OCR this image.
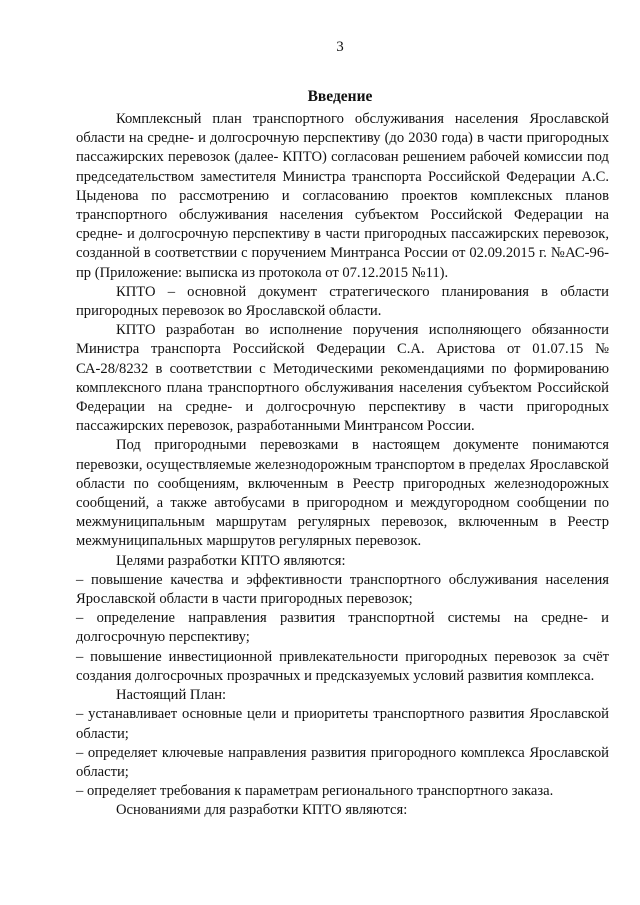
3
Введение

Комплексный план транспортного обслуживания населения Ярославской области на средне- и долгосрочную перспективу (до 2030 года) в части пригородных пассажирских перевозок (далее- КПТО) согласован решением рабочей комиссии под председательством заместителя Министра транспорта Российской Федерации А.С. Цыденова по рассмотрению и согласованию проектов комплексных планов транспортного обслуживания населения субъектом Российской Федерации на средне- и долгосрочную перспективу в части пригородных пассажирских перевозок, созданной в соответствии с поручением Минтранса России от 02.09.2015 г. №АС-96-пр (Приложение: выписка из протокола от 07.12.2015 №11).

КПТО – основной документ стратегического планирования в области пригородных перевозок во Ярославской области.

КПТО разработан во исполнение поручения исполняющего обязанности Министра транспорта Российской Федерации С.А. Аристова от 01.07.15 № СА-28/8232 в соответствии с Методическими рекомендациями по формированию комплексного плана транспортного обслуживания населения субъектом Российской Федерации на средне- и долгосрочную перспективу в части пригородных пассажирских перевозок, разработанными Минтрансом России.

Под пригородными перевозками в настоящем документе понимаются перевозки, осуществляемые железнодорожным транспортом в пределах Ярославской области по сообщениям, включенным в Реестр пригородных железнодорожных сообщений, а также автобусами в пригородном и междугородном сообщении по межмуниципальным маршрутам регулярных перевозок, включенным в Реестр межмуниципальных маршрутов регулярных перевозок.

Целями разработки КПТО являются:

– повышение качества и эффективности транспортного обслуживания населения Ярославской области в части пригородных перевозок;

– определение направления развития транспортной системы на средне- и долгосрочную перспективу;

– повышение инвестиционной привлекательности пригородных перевозок за счёт создания долгосрочных прозрачных и предсказуемых условий развития комплекса.

Настоящий План:

– устанавливает основные цели и приоритеты транспортного развития Ярославской области;

– определяет ключевые направления развития пригородного комплекса Ярославской области;

– определяет требования к параметрам регионального транспортного заказа.

Основаниями для разработки КПТО являются:
